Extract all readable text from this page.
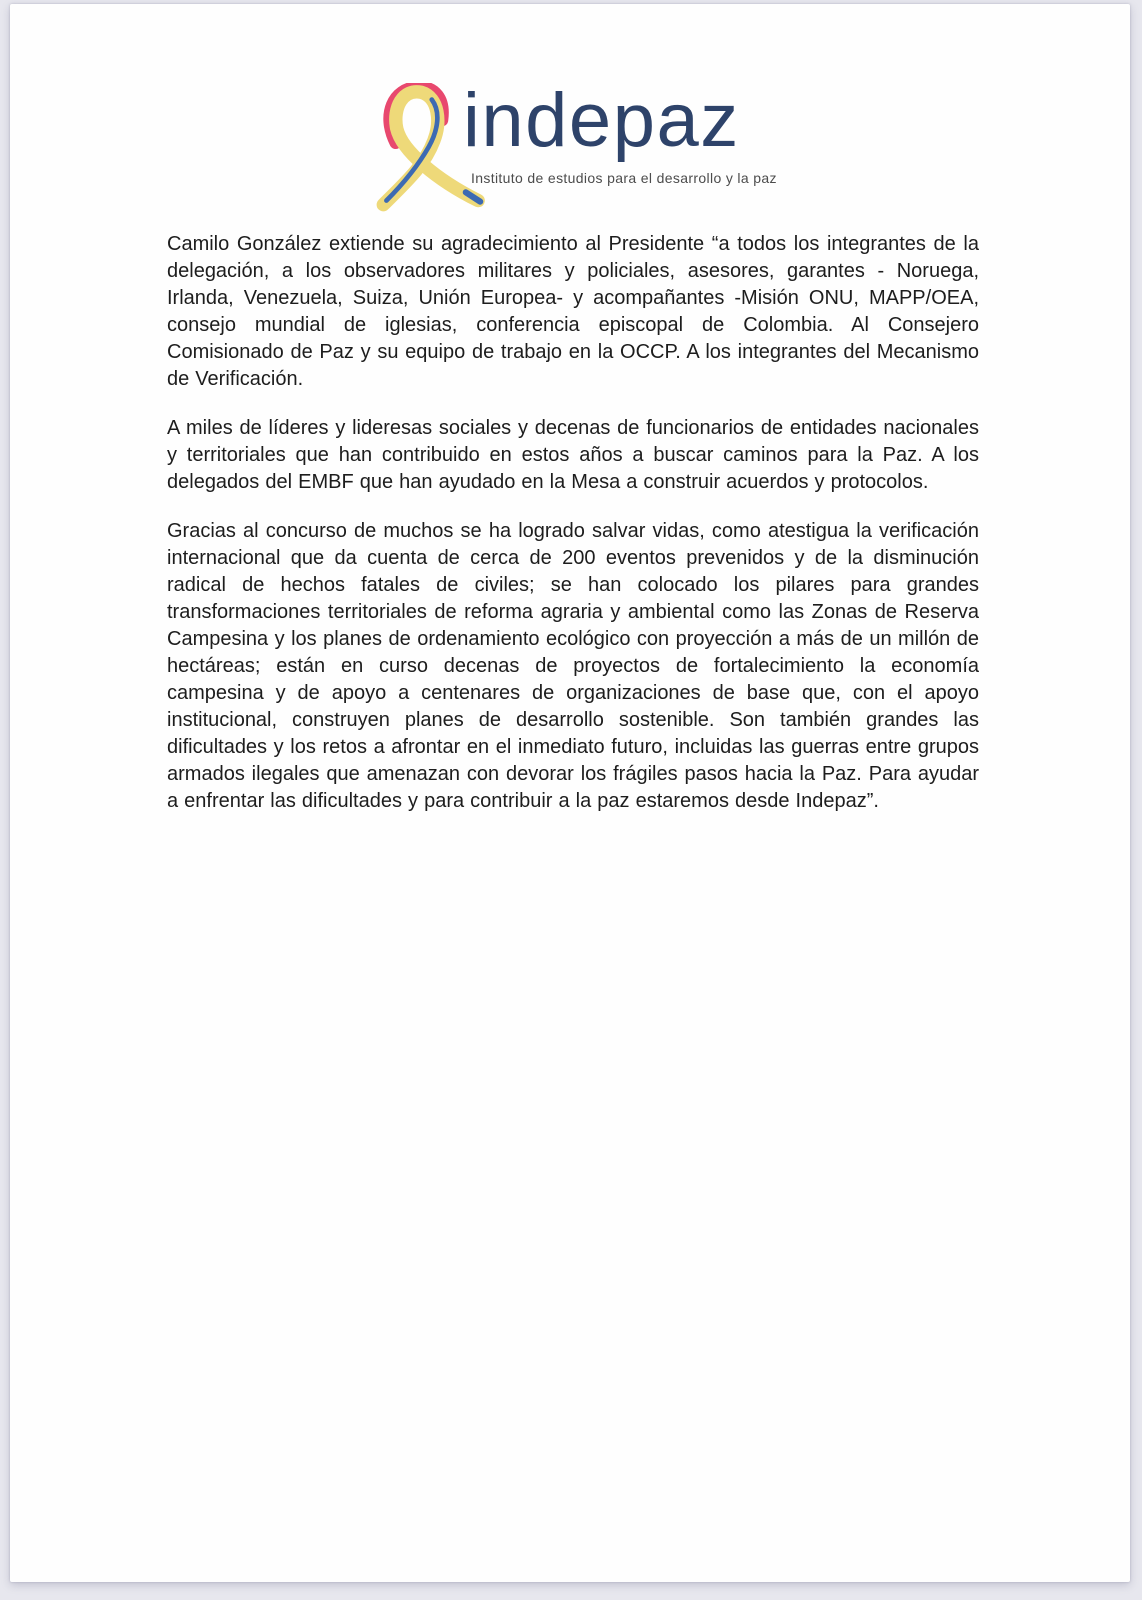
indepaz
Instituto de estudios para el desarrollo y la paz

Camilo González extiende su agradecimiento al Presidente “a todos los integrantes de la delegación, a los observadores militares y policiales, asesores, garantes - Noruega, Irlanda, Venezuela, Suiza, Unión Europea- y acompañantes -Misión ONU, MAPP/OEA, consejo mundial de iglesias, conferencia episcopal de Colombia. Al Consejero Comisionado de Paz y su equipo de trabajo en la OCCP. A los integrantes del Mecanismo de Verificación.

A miles de líderes y lideresas sociales y decenas de funcionarios de entidades nacionales y territoriales que han contribuido en estos años a buscar caminos para la Paz. A los delegados del EMBF que han ayudado en la Mesa a construir acuerdos y protocolos.

Gracias al concurso de muchos se ha logrado salvar vidas, como atestigua la verificación internacional que da cuenta de cerca de 200 eventos prevenidos y de la disminución radical de hechos fatales de civiles; se han colocado los pilares para grandes transformaciones territoriales de reforma agraria y ambiental como las Zonas de Reserva Campesina y los planes de ordenamiento ecológico con proyección a más de un millón de hectáreas; están en curso decenas de proyectos de fortalecimiento la economía campesina y de apoyo a centenares de organizaciones de base que, con el apoyo institucional, construyen planes de desarrollo sostenible. Son también grandes las dificultades y los retos a afrontar en el inmediato futuro, incluidas las guerras entre grupos armados ilegales que amenazan con devorar los frágiles pasos hacia la Paz. Para ayudar a enfrentar las dificultades y para contribuir a la paz estaremos desde Indepaz”.
